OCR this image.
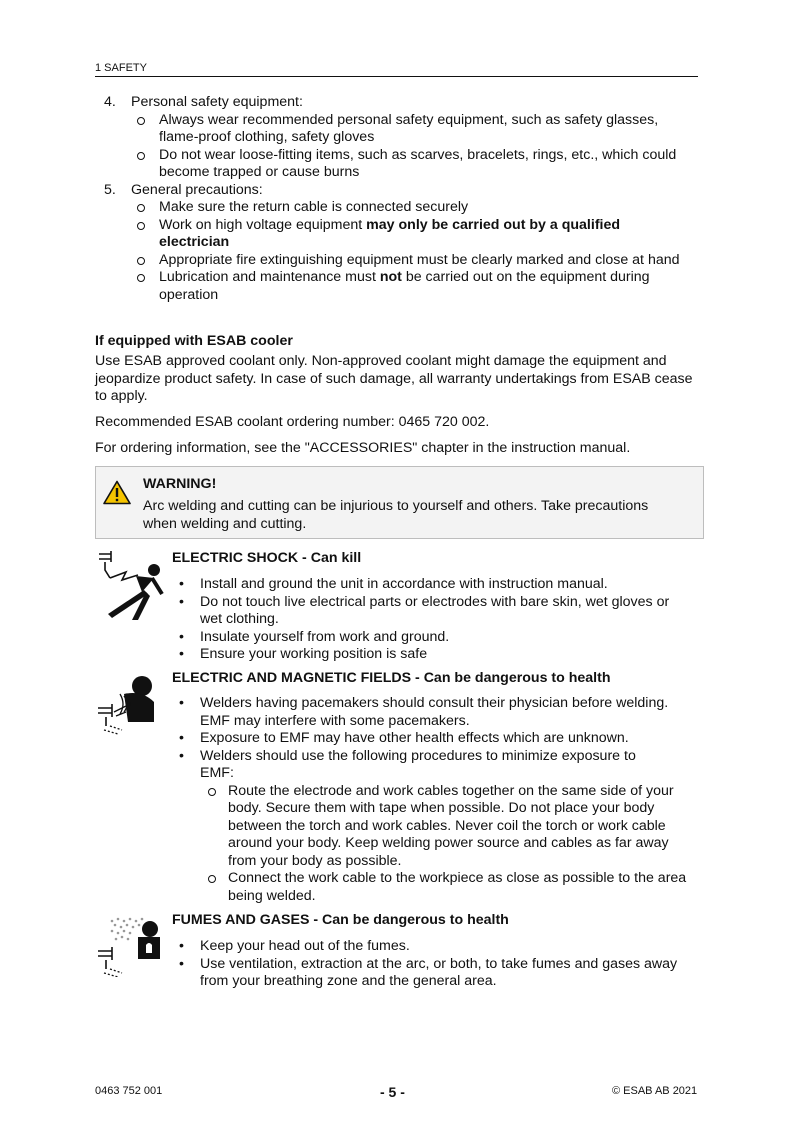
1 SAFETY
4. Personal safety equipment:
Always wear recommended personal safety equipment, such as safety glasses, flame-proof clothing, safety gloves
Do not wear loose-fitting items, such as scarves, bracelets, rings, etc., which could become trapped or cause burns
5. General precautions:
Make sure the return cable is connected securely
Work on high voltage equipment may only be carried out by a qualified electrician
Appropriate fire extinguishing equipment must be clearly marked and close at hand
Lubrication and maintenance must not be carried out on the equipment during operation
If equipped with ESAB cooler
Use ESAB approved coolant only. Non-approved coolant might damage the equipment and jeopardize product safety. In case of such damage, all warranty undertakings from ESAB cease to apply.
Recommended ESAB coolant ordering number: 0465 720 002.
For ordering information, see the "ACCESSORIES" chapter in the instruction manual.
WARNING!
Arc welding and cutting can be injurious to yourself and others. Take precautions when welding and cutting.
ELECTRIC SHOCK - Can kill
• Install and ground the unit in accordance with instruction manual.
• Do not touch live electrical parts or electrodes with bare skin, wet gloves or wet clothing.
• Insulate yourself from work and ground.
• Ensure your working position is safe
ELECTRIC AND MAGNETIC FIELDS - Can be dangerous to health
• Welders having pacemakers should consult their physician before welding. EMF may interfere with some pacemakers.
• Exposure to EMF may have other health effects which are unknown.
• Welders should use the following procedures to minimize exposure to EMF:
Route the electrode and work cables together on the same side of your body. Secure them with tape when possible. Do not place your body between the torch and work cables. Never coil the torch or work cable around your body. Keep welding power source and cables as far away from your body as possible.
Connect the work cable to the workpiece as close as possible to the area being welded.
FUMES AND GASES - Can be dangerous to health
• Keep your head out of the fumes.
• Use ventilation, extraction at the arc, or both, to take fumes and gases away from your breathing zone and the general area.
0463 752 001	- 5 -	© ESAB AB 2021
